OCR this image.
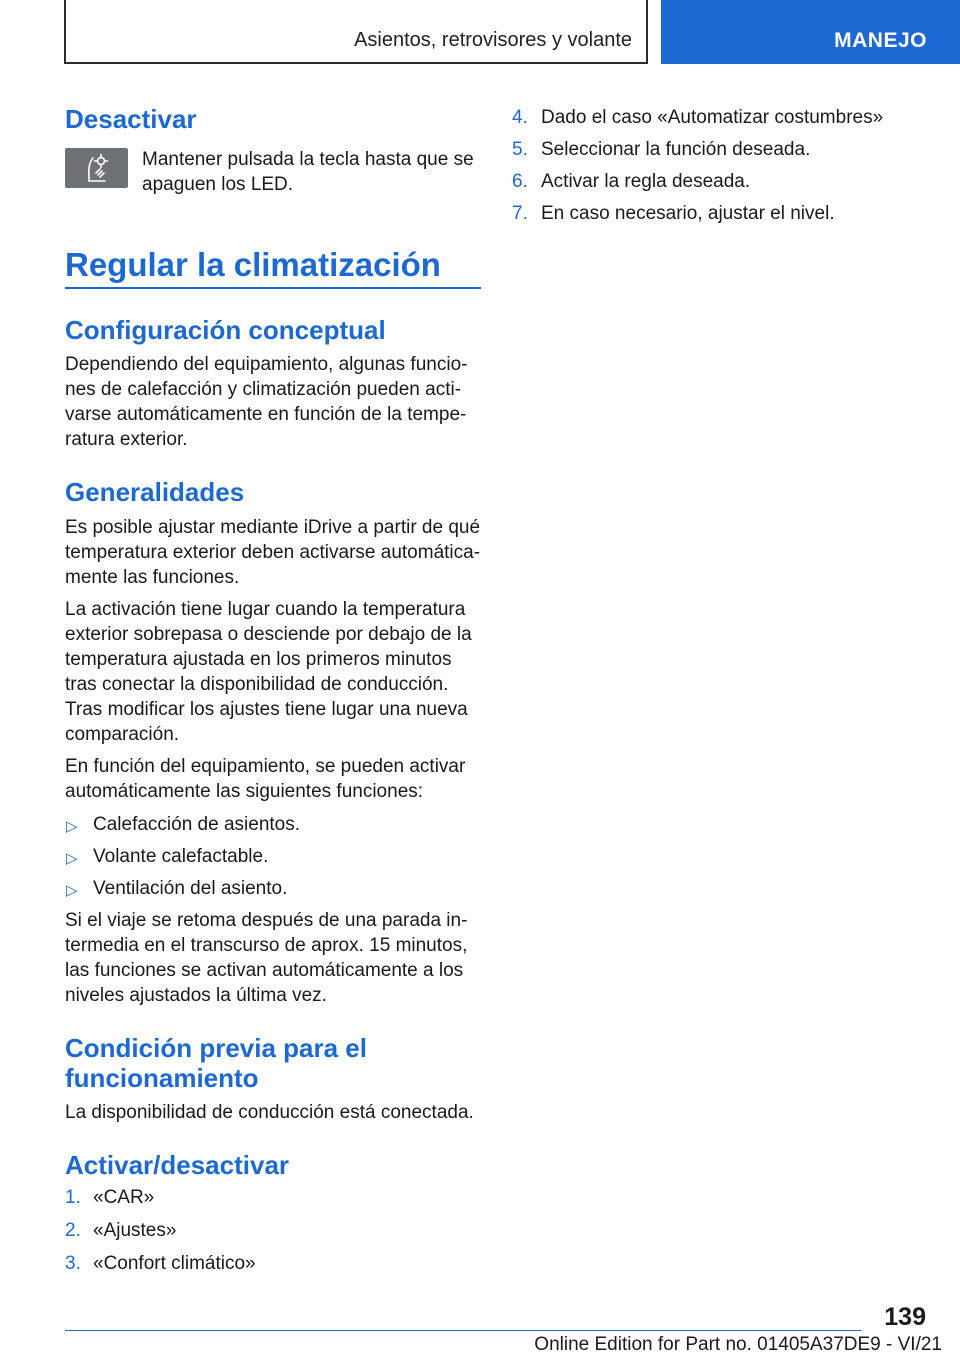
Asientos, retrovisores y volante	MANEJO
Desactivar

Mantener pulsada la tecla hasta que se

apaguen los LED.

Regular la climatización
Configuración conceptual

Dependiendo del equipamiento, algunas funcio‐

nes de calefacción y climatización pueden acti‐

varse automáticamente en función de la tempe‐

ratura exterior.

Generalidades

Es posible ajustar mediante iDrive a partir de qué

temperatura exterior deben activarse automática‐

mente las funciones.

La activación tiene lugar cuando la temperatura

exterior sobrepasa o desciende por debajo de la

temperatura ajustada en los primeros minutos

tras conectar la disponibilidad de conducción.

Tras modificar los ajustes tiene lugar una nueva

comparación.

En función del equipamiento, se pueden activar

automáticamente las siguientes funciones:

▷ Calefacción de asientos.

▷ Volante calefactable.

▷ Ventilación del asiento.

Si el viaje se retoma después de una parada in‐

termedia en el transcurso de aprox. 15 minutos,

las funciones se activan automáticamente a los

niveles ajustados la última vez.

Condición previa para el
funcionamiento

La disponibilidad de conducción está conectada.

Activar/desactivar
1. «CAR»
2. «Ajustes»
3. «Confort climático»
4. Dado el caso «Automatizar costumbres»
5. Seleccionar la función deseada.
6. Activar la regla deseada.
7. En caso necesario, ajustar el nivel.
139
Online Edition for Part no. 01405A37DE9 - VI/21
